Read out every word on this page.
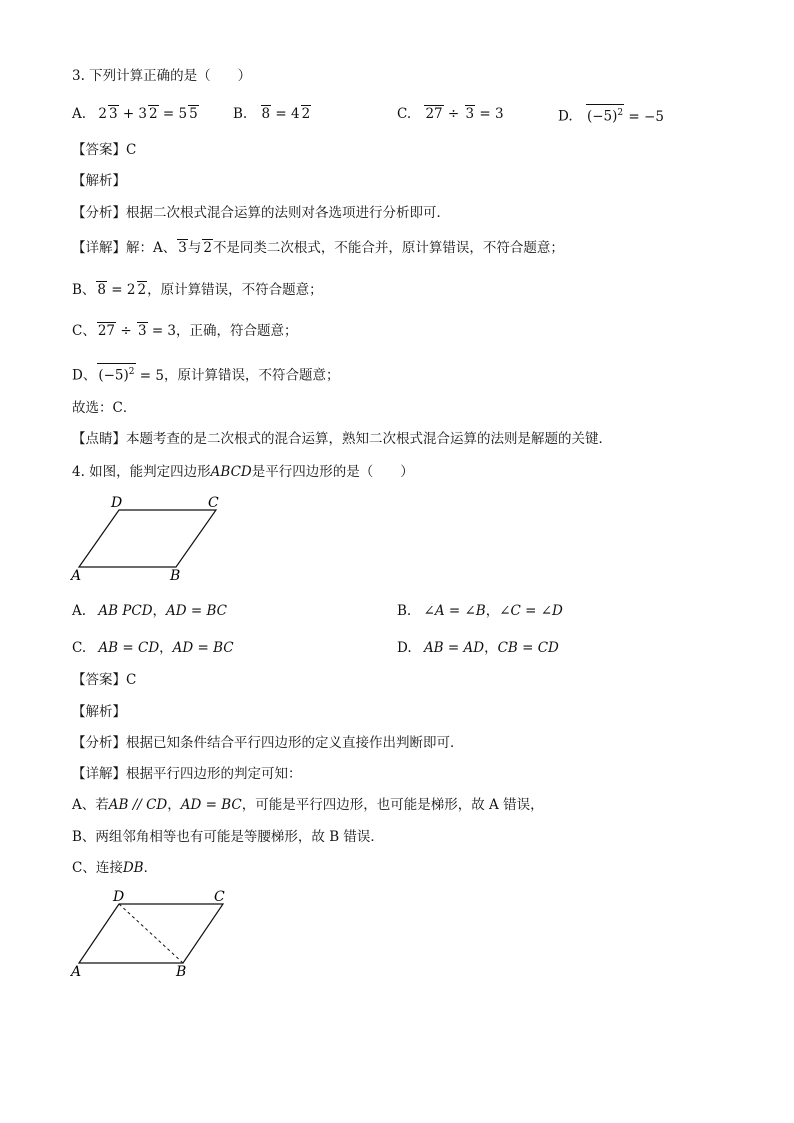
3. 下列计算正确的是（　　）
A. 2 3 + 3 2 = 5 5	B. 8 = 4 2	C. 27 ÷ 3 = 3	D. $(-5)^2 = -5$
【答案】C
【解析】
【分析】根据二次根式混合运算的法则对各选项进行分析即可．
【详解】解：A、 3与 2不是同类二次根式，不能合并，原计算错误，不符合题意；
B、 8 = 2 2，原计算错误，不符合题意；
C、 27 ÷ 3 = 3，正确，符合题意；
D、 $(-5)^2 = 5$，原计算错误，不符合题意；
故选：C．
【点睛】本题考查的是二次根式的混合运算，熟知二次根式混合运算的法则是解题的关键．
4. 如图，能判定四边形ABCD是平行四边形的是（　　）
D	C
A	B
A. AB PCD，AD = BC	B. ∠A = ∠B，∠C = ∠D
C. AB = CD，AD = BC	D. AB = AD，CB = CD
【答案】C
【解析】
【分析】根据已知条件结合平行四边形的定义直接作出判断即可．
【详解】根据平行四边形的判定可知：
A、若AB // CD，AD = BC，可能是平行四边形，也可能是梯形，故 A 错误，
B、两组邻角相等也有可能是等腰梯形，故 B 错误．
C、连接DB．
D	C
A	B
